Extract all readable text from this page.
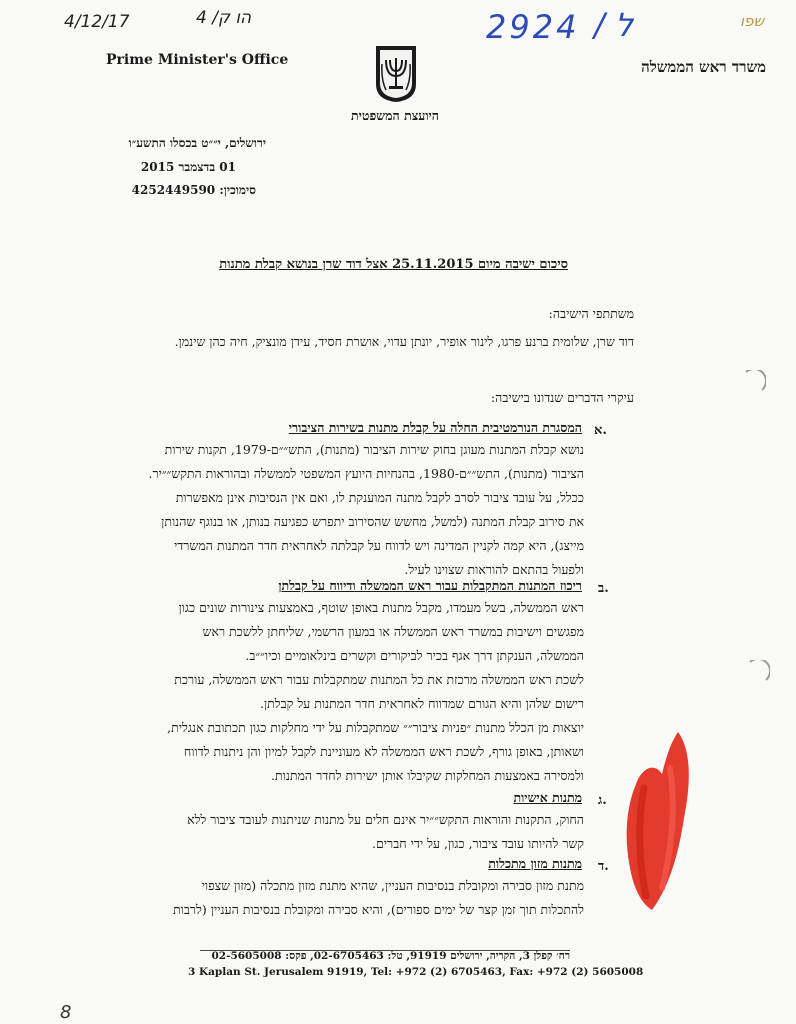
4/12/17	4 /הו ק	2924 / ל	שפו
Prime Minister's Office	משרד ראש הממשלה
היועצת המשפטית
ירושלים, י״״ט בכסלו התשע״ו
01 בדצמבר 2015
סימוכין: 4252449590
סיכום ישיבה מיום 25.11.2015 אצל דוד שרן בנושא קבלת מתנות
משתתפי הישיבה:
דוד שרן, שלומית ברנע פרגו, לינור אופיר, יונתן עדוי, אושרת חסיד, עידן מונציק, חיה כהן שינמן.
עיקרי הדברים שנדונו בישיבה:
א.
המסגרת הנורמטיבית החלה על קבלת מתנות בשירות הציבורי
נושא קבלת המתנות מעוגן בחוק שירות הציבור (מתנות), התש״״ם-1979, תקנות שירות
הציבור (מתנות), התש״״ם-1980, בהנחיות היועץ המשפטי לממשלה ובהוראות התקש״״יר.
ככלל, על עובד ציבור לסרב לקבל מתנה המוענקת לו, ואם אין הנסיבות אינן מאפשרות
את סירוב קבלת המתנה (למשל, מחשש שהסירוב יתפרש כפגיעה בנותן, או בנוגף שהנותן
מייצג), היא קמה לקניין המדינה ויש לדווח על קבלתה לאחראית חדר המתנות המשרדי
ולפעול בהתאם להוראות שצוינו לעיל.
ב.
ריכוז המתנות המתקבלות עבור ראש הממשלה ודיווח על קבלתן
ראש הממשלה, בשל מעמדו, מקבל מתנות באופן שוטף, באמצעות צינורות שונים כגון
מפגשים וישיבות במשרד ראש הממשלה או במעון הרשמי, שליחתן ללשכת ראש
הממשלה, הענקתן דרך אגף בכיר לביקורים וקשרים בינלאומיים וכיו״״ב.
לשכת ראש הממשלה מרכזת את כל המתנות שמתקבלות עבור ראש הממשלה, עורכת
רישום שלהן והיא הגורם שמדווח לאחראית חדר המתנות על קבלתן.
יוצאות מן הכלל מתנות ״פניות ציבור״״ שמתקבלות על ידי מחלקות כגון תכתובת אנגלית,
ושאותן, באופן גורף, לשכת ראש הממשלה לא מעוניינת לקבל למיון והן ניתנות לדווח
ולמסירה באמצעות המחלקות שקיבלו אותן ישירות לחדר המתנות.
ג.
מתנות אישיות
החוק, התקנות והוראות התקש״״יר אינם חלים על מתנות שניתנות לעובד ציבור ללא
קשר להיותו עובד ציבור, כגון, על ידי חברים.
ד.
מתנות מזון מתכלות
מתנת מזון סבירה ומקובלת בנסיבות העניין, שהיא מתנת מזון מתכלה (מזון שצפוי
להתכלות תוך זמן קצר של ימים ספורים), והיא סבירה ומקובלת בנסיבות העניין (לרבות
רח׳ קפלן 3, הקריה, ירושלים 91919, טל: 02-6705463, פקס: 02-5605008
3 Kaplan St. Jerusalem 91919, Tel: +972 (2) 6705463, Fax: +972 (2) 5605008
8
